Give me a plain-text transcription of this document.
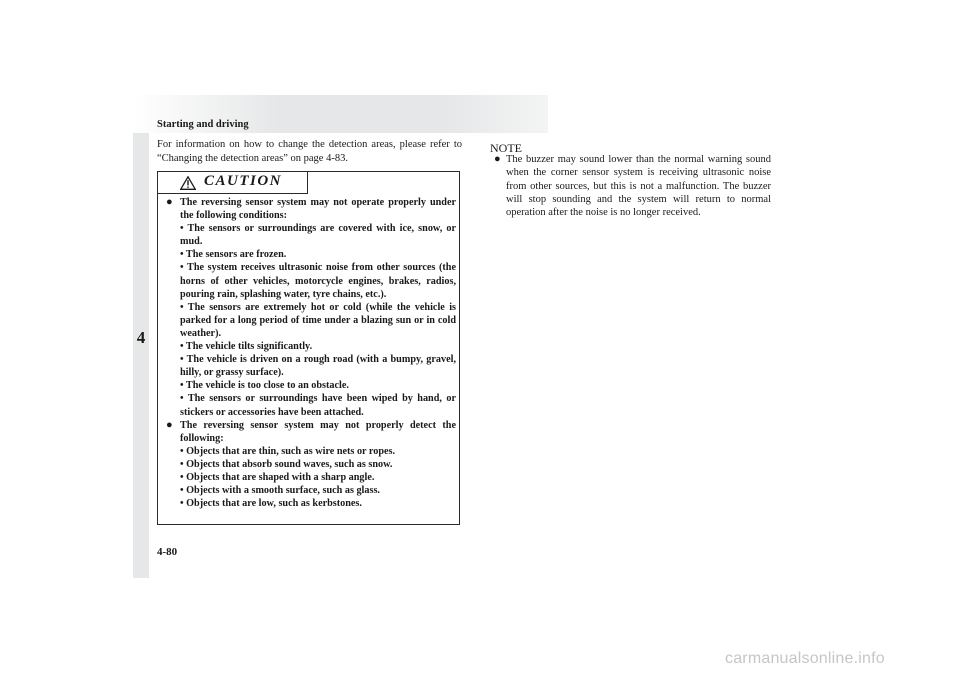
Starting and driving
4
For information on how to change the detection areas, please refer to “Changing the detection areas” on page 4-83.
CAUTION
● The reversing sensor system may not operate properly under the following conditions:
• The sensors or surroundings are covered with ice, snow, or mud.
• The sensors are frozen.
• The system receives ultrasonic noise from other sources (the horns of other vehicles, motorcycle engines, brakes, radios, pouring rain, splashing water, tyre chains, etc.).
• The sensors are extremely hot or cold (while the vehicle is parked for a long period of time under a blazing sun or in cold weather).
• The vehicle tilts significantly.
• The vehicle is driven on a rough road (with a bumpy, gravel, hilly, or grassy surface).
• The vehicle is too close to an obstacle.
• The sensors or surroundings have been wiped by hand, or stickers or accessories have been attached.
● The reversing sensor system may not properly detect the following:
• Objects that are thin, such as wire nets or ropes.
• Objects that absorb sound waves, such as snow.
• Objects that are shaped with a sharp angle.
• Objects with a smooth surface, such as glass.
• Objects that are low, such as kerbstones.
NOTE
● The buzzer may sound lower than the normal warning sound when the corner sensor system is receiving ultrasonic noise from other sources, but this is not a malfunction. The buzzer will stop sounding and the system will return to normal operation after the noise is no longer received.
4-80
carmanualsonline.info
